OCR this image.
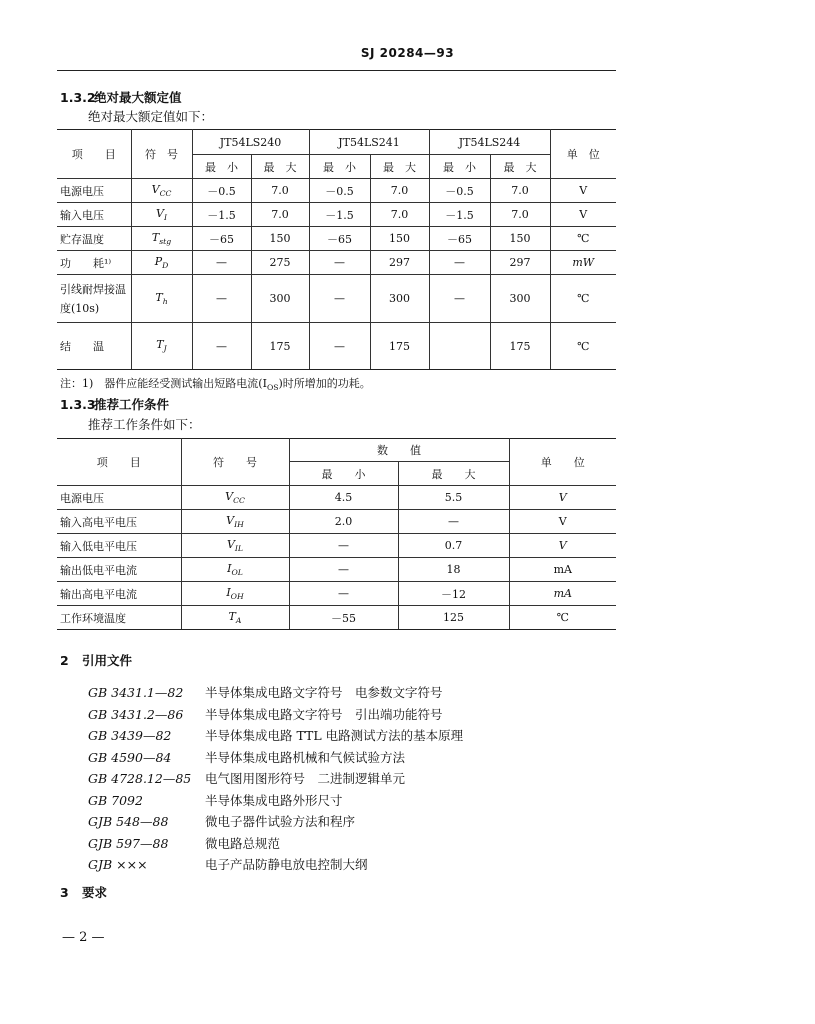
SJ 20284—93
1.3.2绝对最大额定值
绝对最大额定值如下：
项　　目	符　号	JT54LS240		JT54LS241		JT54LS244		单　位
		最　小	最　大	最　小	最　大	最　小	最　大	
电源电压	$V_{CC}$	－0.5	7.0	－0.5	7.0	－0.5	7.0	V
输入电压	$V_I$	－1.5	7.0	－1.5	7.0	－1.5	7.0	V
贮存温度	$T_{stg}$	－65	150	－65	150	－65	150	℃
功　　耗¹⁾	$P_D$	—	275	—	297	—	297	mW
引线耐焊接温度(10s)	$T_h$	—	300	—	300	—	300	℃
结　　温	$T_J$	—	175	—	175		175	℃
注：1)　器件应能经受测试输出短路电流$(I_{OS})$时所增加的功耗。
1.3.3推荐工作条件
推荐工作条件如下：
项　　目	符　　号	数　　值		单　　位
		最　　小	最　　大	
电源电压	$V_{CC}$	4.5	5.5	V
输入高电平电压	$V_{IH}$	2.0	—	V
输入低电平电压	$V_{IL}$	—	0.7	V
输出低电平电流	$I_{OL}$	—	18	mA
输出高电平电流	$I_{OH}$	—	－12	mA
工作环境温度	$T_A$	－55	125	℃
2 引用文件
GB 3431.1—82 半导体集成电路文字符号　电参数文字符号
GB 3431.2—86 半导体集成电路文字符号　引出端功能符号
GB 3439—82	半导体集成电路 TTL 电路测试方法的基本原理
GB 4590—84	半导体集成电路机械和气候试验方法
GB 4728.12—85 电气图用图形符号　二进制逻辑单元
GB 7092	半导体集成电路外形尺寸
GJB 548—88	微电子器件试验方法和程序
GJB 597—88	微电路总规范
GJB ×××	电子产品防静电放电控制大纲
3 要求
— 2 —
